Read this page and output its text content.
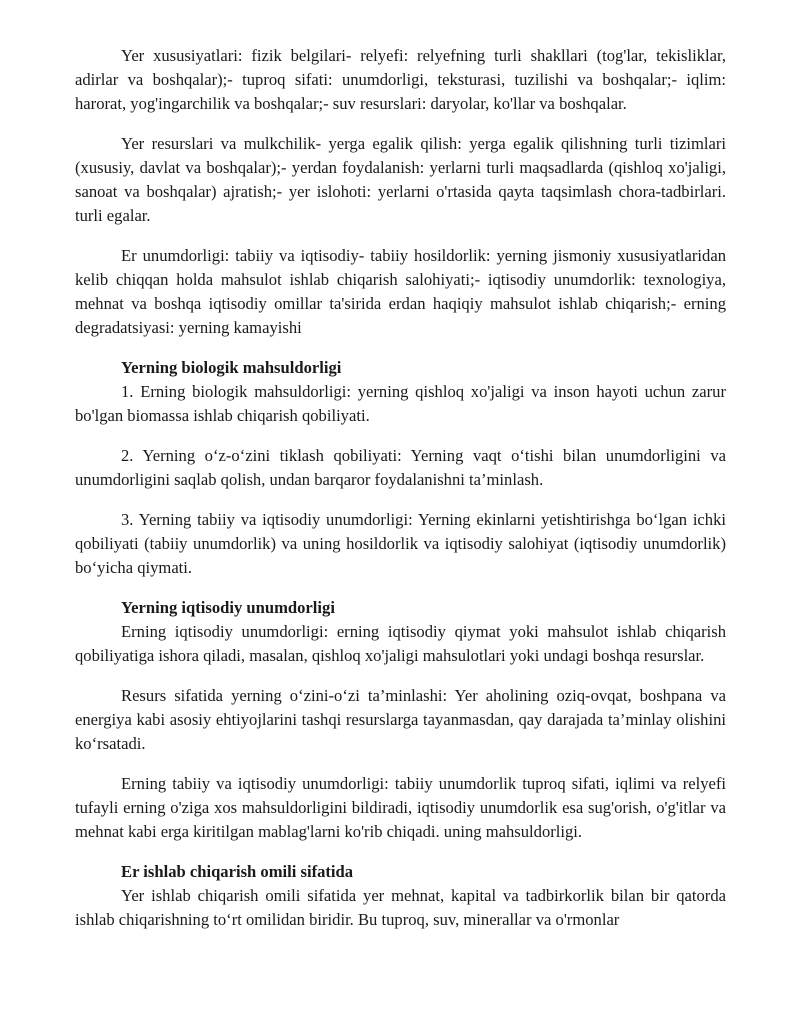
Yer xususiyatlari: fizik belgilari- relyefi: relyefning turli shakllari (tog'lar, tekisliklar, adirlar va boshqalar);- tuproq sifati: unumdorligi, teksturasi, tuzilishi va boshqalar;- iqlim: harorat, yog'ingarchilik va boshqalar;- suv resurslari: daryolar, ko'llar va boshqalar.

Yer resurslari va mulkchilik- yerga egalik qilish: yerga egalik qilishning turli tizimlari (xususiy, davlat va boshqalar);- yerdan foydalanish: yerlarni turli maqsadlarda (qishloq xo'jaligi, sanoat va boshqalar) ajratish;- yer islohoti: yerlarni o'rtasida qayta taqsimlash chora-tadbirlari. turli egalar.

Er unumdorligi: tabiiy va iqtisodiy- tabiiy hosildorlik: yerning jismoniy xususiyatlaridan kelib chiqqan holda mahsulot ishlab chiqarish salohiyati;- iqtisodiy unumdorlik: texnologiya, mehnat va boshqa iqtisodiy omillar ta'sirida erdan haqiqiy mahsulot ishlab chiqarish;- erning degradatsiyasi: yerning kamayishi

Yerning biologik mahsuldorligi

1. Erning biologik mahsuldorligi: yerning qishloq xo'jaligi va inson hayoti uchun zarur bo'lgan biomassa ishlab chiqarish qobiliyati.

2. Yerning o‘z-o‘zini tiklash qobiliyati: Yerning vaqt o‘tishi bilan unumdorligini va unumdorligini saqlab qolish, undan barqaror foydalanishni ta’minlash.

3. Yerning tabiiy va iqtisodiy unumdorligi: Yerning ekinlarni yetishtirishga bo‘lgan ichki qobiliyati (tabiiy unumdorlik) va uning hosildorlik va iqtisodiy salohiyat (iqtisodiy unumdorlik) bo‘yicha qiymati.

Yerning iqtisodiy unumdorligi

Erning iqtisodiy unumdorligi: erning iqtisodiy qiymat yoki mahsulot ishlab chiqarish qobiliyatiga ishora qiladi, masalan, qishloq xo'jaligi mahsulotlari yoki undagi boshqa resurslar.

Resurs sifatida yerning o‘zini-o‘zi ta’minlashi: Yer aholining oziq-ovqat, boshpana va energiya kabi asosiy ehtiyojlarini tashqi resurslarga tayanmasdan, qay darajada ta’minlay olishini ko‘rsatadi.

Erning tabiiy va iqtisodiy unumdorligi: tabiiy unumdorlik tuproq sifati, iqlimi va relyefi tufayli erning o'ziga xos mahsuldorligini bildiradi, iqtisodiy unumdorlik esa sug'orish, o'g'itlar va mehnat kabi erga kiritilgan mablag'larni ko'rib chiqadi. uning mahsuldorligi.

Er ishlab chiqarish omili sifatida

Yer ishlab chiqarish omili sifatida yer mehnat, kapital va tadbirkorlik bilan bir qatorda ishlab chiqarishning to‘rt omilidan biridir. Bu tuproq, suv, minerallar va o'rmonlar
